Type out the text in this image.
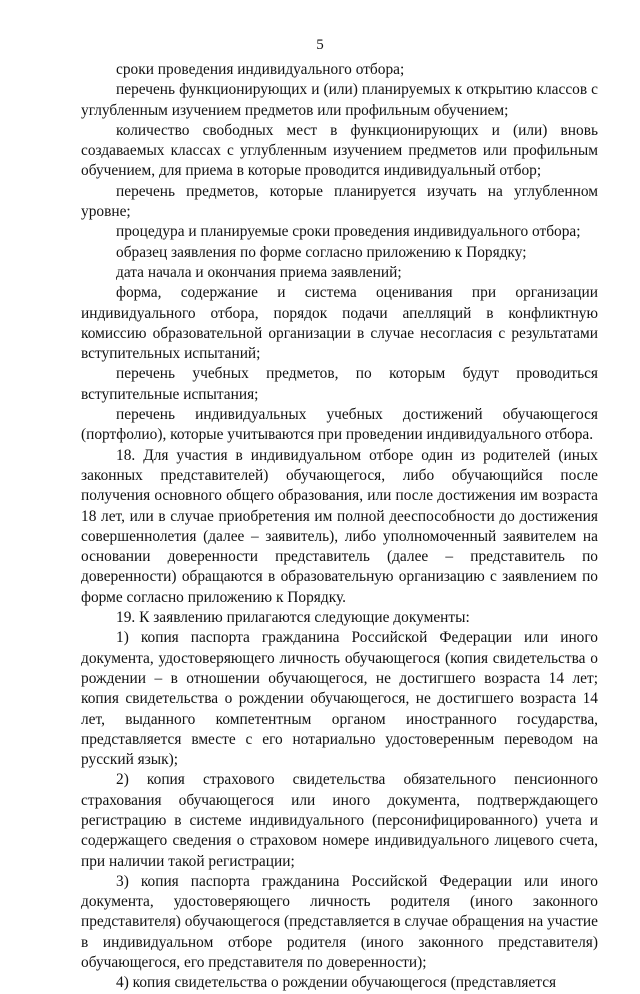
5

сроки проведения индивидуального отбора;

перечень функционирующих и (или) планируемых к открытию классов с углубленным изучением предметов или профильным обучением;

количество свободных мест в функционирующих и (или) вновь создаваемых классах с углубленным изучением предметов или профильным обучением, для приема в которые проводится индивидуальный отбор;

перечень предметов, которые планируется изучать на углубленном уровне;

процедура и планируемые сроки проведения индивидуального отбора;

образец заявления по форме согласно приложению к Порядку;

дата начала и окончания приема заявлений;

форма, содержание и система оценивания при организации индивидуального отбора, порядок подачи апелляций в конфликтную комиссию образовательной организации в случае несогласия с результатами вступительных испытаний;

перечень учебных предметов, по которым будут проводиться вступительные испытания;

перечень индивидуальных учебных достижений обучающегося (портфолио), которые учитываются при проведении индивидуального отбора.

18. Для участия в индивидуальном отборе один из родителей (иных законных представителей) обучающегося, либо обучающийся после получения основного общего образования, или после достижения им возраста 18 лет, или в случае приобретения им полной дееспособности до достижения совершеннолетия (далее – заявитель), либо уполномоченный заявителем на основании доверенности представитель (далее – представитель по доверенности) обращаются в образовательную организацию с заявлением по форме согласно приложению к Порядку.

19. К заявлению прилагаются следующие документы:

1) копия паспорта гражданина Российской Федерации или иного документа, удостоверяющего личность обучающегося (копия свидетельства о рождении – в отношении обучающегося, не достигшего возраста 14 лет; копия свидетельства о рождении обучающегося, не достигшего возраста 14 лет, выданного компетентным органом иностранного государства, представляется вместе с его нотариально удостоверенным переводом на русский язык);

2) копия страхового свидетельства обязательного пенсионного страхования обучающегося или иного документа, подтверждающего регистрацию в системе индивидуального (персонифицированного) учета и содержащего сведения о страховом номере индивидуального лицевого счета, при наличии такой регистрации;

3) копия паспорта гражданина Российской Федерации или иного документа, удостоверяющего личность родителя (иного законного представителя) обучающегося (представляется в случае обращения на участие в индивидуальном отборе родителя (иного законного представителя) обучающегося, его представителя по доверенности);

4) копия свидетельства о рождении обучающегося (представляется
